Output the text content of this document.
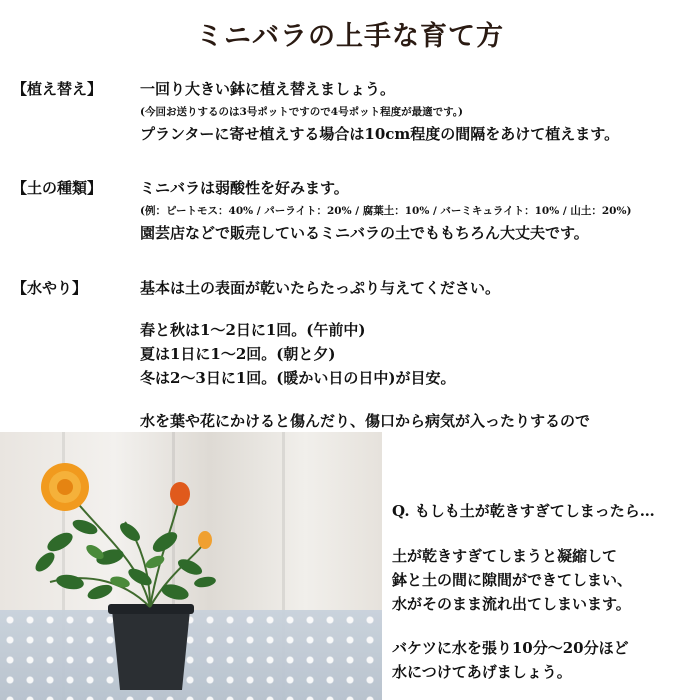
ミニバラの上手な育て方
【植え替え】	一回り大きい鉢に植え替えましょう。
(今回お送りするのは3号ポットですので4号ポット程度が最適です。)
プランターに寄せ植えする場合は10cm程度の間隔をあけて植えます。
【土の種類】	ミニバラは弱酸性を好みます。
(例：ピートモス：40% / パーライト：20% / 腐葉土：10% / バーミキュライト：10% / 山土：20%)
園芸店などで販売しているミニバラの土でももちろん大丈夫です。
【水やり】	基本は土の表面が乾いたらたっぷり与えてください。
春と秋は1～2日に1回。(午前中)
夏は1日に1～2回。(朝と夕)
冬は2～3日に1回。(暖かい日の日中)が目安。
水を葉や花にかけると傷んだり、傷口から病気が入ったりするので
Q. もしも土が乾きすぎてしまったら…
土が乾きすぎてしまうと凝縮して
鉢と土の間に隙間ができてしまい、
水がそのまま流れ出てしまいます。
バケツに水を張り10分～20分ほど
水につけてあげましょう。
